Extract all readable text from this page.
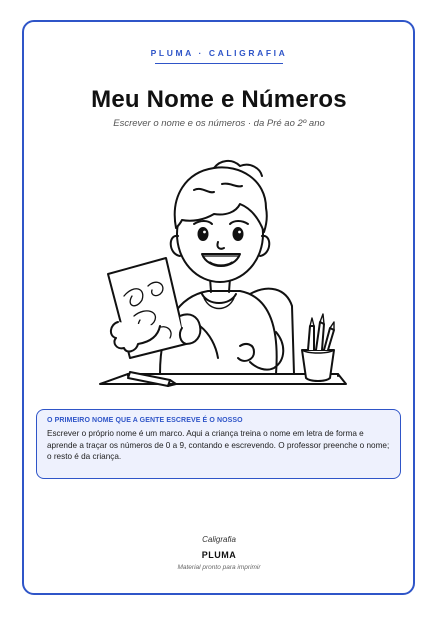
PLUMA · CALIGRAFIA
Meu Nome e Números
Escrever o nome e os números · da Pré ao 2º ano
O PRIMEIRO NOME QUE A GENTE ESCREVE É O NOSSO
Escrever o próprio nome é um marco. Aqui a criança treina o nome em letra de forma e aprende a traçar os números de 0 a 9, contando e escrevendo. O professor preenche o nome; o resto é da criança.
Caligrafia
PLUMA
Material pronto para imprimir
